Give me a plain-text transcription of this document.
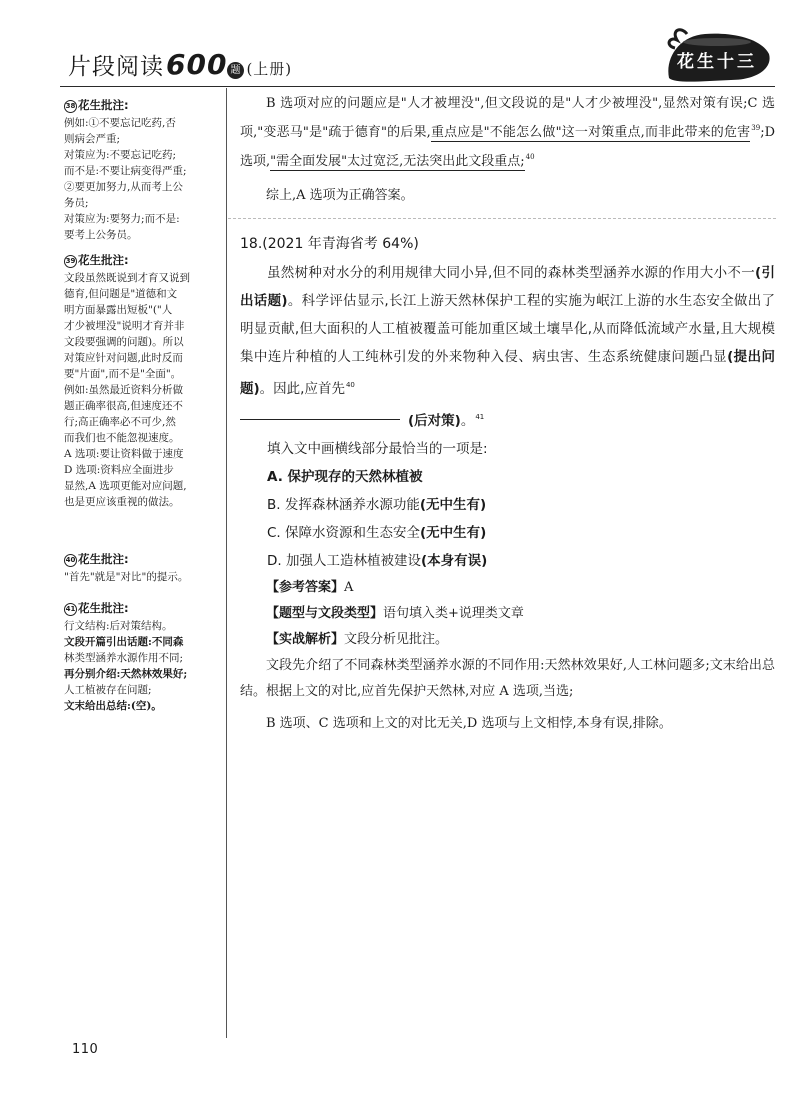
片段阅读600 题 (上册)	花生十三
38 花生批注:
例如:①不要忘记吃药,否
则病会严重;
对策应为:不要忘记吃药;
而不是:不要让病变得严重;
②要更加努力,从而考上公
务员;
对策应为:要努力;而不是:
要考上公务员。
39 花生批注:
文段虽然既说到才育又说到
德育,但问题是"道德和文
明方面暴露出短板"("人
才少被埋没"说明才育并非
文段要强调的问题)。所以
对策应针对问题,此时反而
要"片面",而不是"全面"。
例如:虽然最近资料分析做
题正确率很高,但速度还不
行;高正确率必不可少,然
而我们也不能忽视速度。
A 选项:要让资料做于速度
D 选项:资料应全面进步
显然,A 选项更能对应问题,
也是更应该重视的做法。
40 花生批注:
"首先"就是"对比"的提示。
41 花生批注:
行文结构:后对策结构。
文段开篇引出话题:不同森
林类型涵养水源作用不同;
再分别介绍:天然林效果好;
人工植被存在问题;
文末给出总结:(空)。

B 选项对应的问题应是"人才被埋没",但文段说的是"人才少被埋没",显然对策有误;C 选项,"变恶马"是"疏于德育"的后果,重点应是"不能怎么做"这一对策重点,而非此带来的危害$^{39}$;D 选项,"需全面发展"太过宽泛,无法突出此文段重点;$^{40}$

综上,A 选项为正确答案。

18.(2021 年青海省考 64%)

虽然树种对水分的利用规律大同小异,但不同的森林类型涵养水源的作用大小不一(引出话题)。科学评估显示,长江上游天然林保护工程的实施为岷江上游的水生态安全做出了明显贡献,但大面积的人工植被覆盖可能加重区域土壤旱化,从而降低流域产水量,且大规模集中连片种植的人工纯林引发的外来物种入侵、病虫害、生态系统健康问题凸显(提出问题)。因此,应首先$^{40}$
(后对策)。$^{41}$

填入文中画横线部分最恰当的一项是:

A. 保护现存的天然林植被
B. 发挥森林涵养水源功能(无中生有)
C. 保障水资源和生态安全(无中生有)
D. 加强人工造林植被建设(本身有误)
【参考答案】A
【题型与文段类型】语句填入类+说理类文章
【实战解析】文段分析见批注。

文段先介绍了不同森林类型涵养水源的不同作用:天然林效果好,人工林问题多;文末给出总结。根据上文的对比,应首先保护天然林,对应 A 选项,当选;

B 选项、C 选项和上文的对比无关,D 选项与上文相悖,本身有误,排除。

110
